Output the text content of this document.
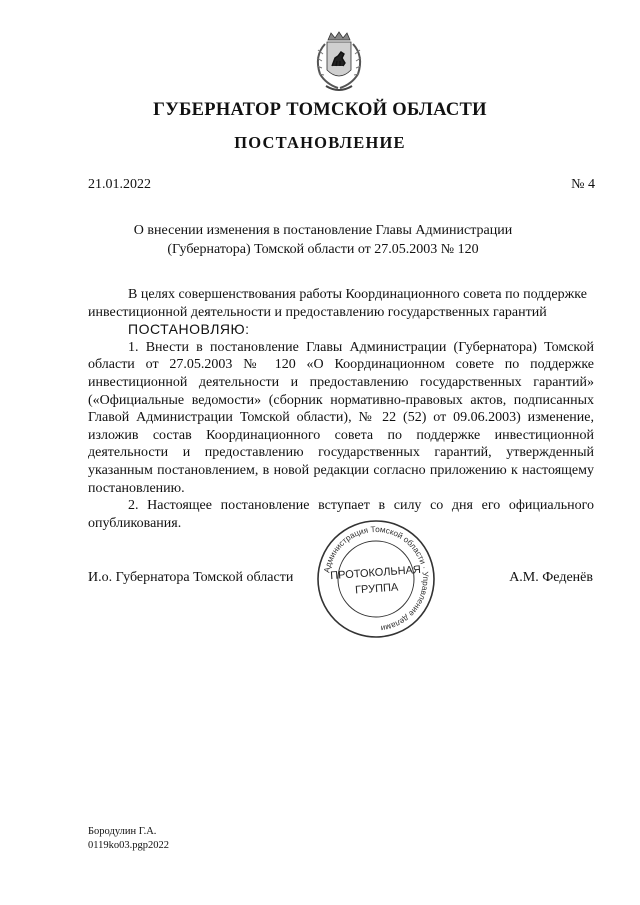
ГУБЕРНАТОР ТОМСКОЙ ОБЛАСТИ
ПОСТАНОВЛЕНИЕ
21.01.2022	№ 4
О внесении изменения в постановление Главы Администрации
(Губернатора) Томской области от 27.05.2003 № 120

В целях совершенствования работы Координационного совета по поддержке инвестиционной деятельности и предоставлению государственных гарантий

ПОСТАНОВЛЯЮ:

1. Внести в постановление Главы Администрации (Губернатора) Томской области от 27.05.2003 № 120 «О Координационном совете по поддержке инвестиционной деятельности и предоставлению государственных гарантий» («Официальные ведомости» (сборник нормативно-правовых актов, подписанных Главой Администрации Томской области), № 22 (52) от 09.06.2003) изменение, изложив состав Координационного совета по поддержке инвестиционной деятельности и предоставлению государственных гарантий, утвержденный указанным постановлением, в новой редакции согласно приложению к настоящему постановлению.

2. Настоящее постановление вступает в силу со дня его официального опубликования.

И.о. Губернатора Томской области	А.М. Феденёв
Администрация Томской области · Управление делами
ПРОТОКОЛЬНАЯ
ГРУППА
Бородулин Г.А.
0119ko03.pgp2022
